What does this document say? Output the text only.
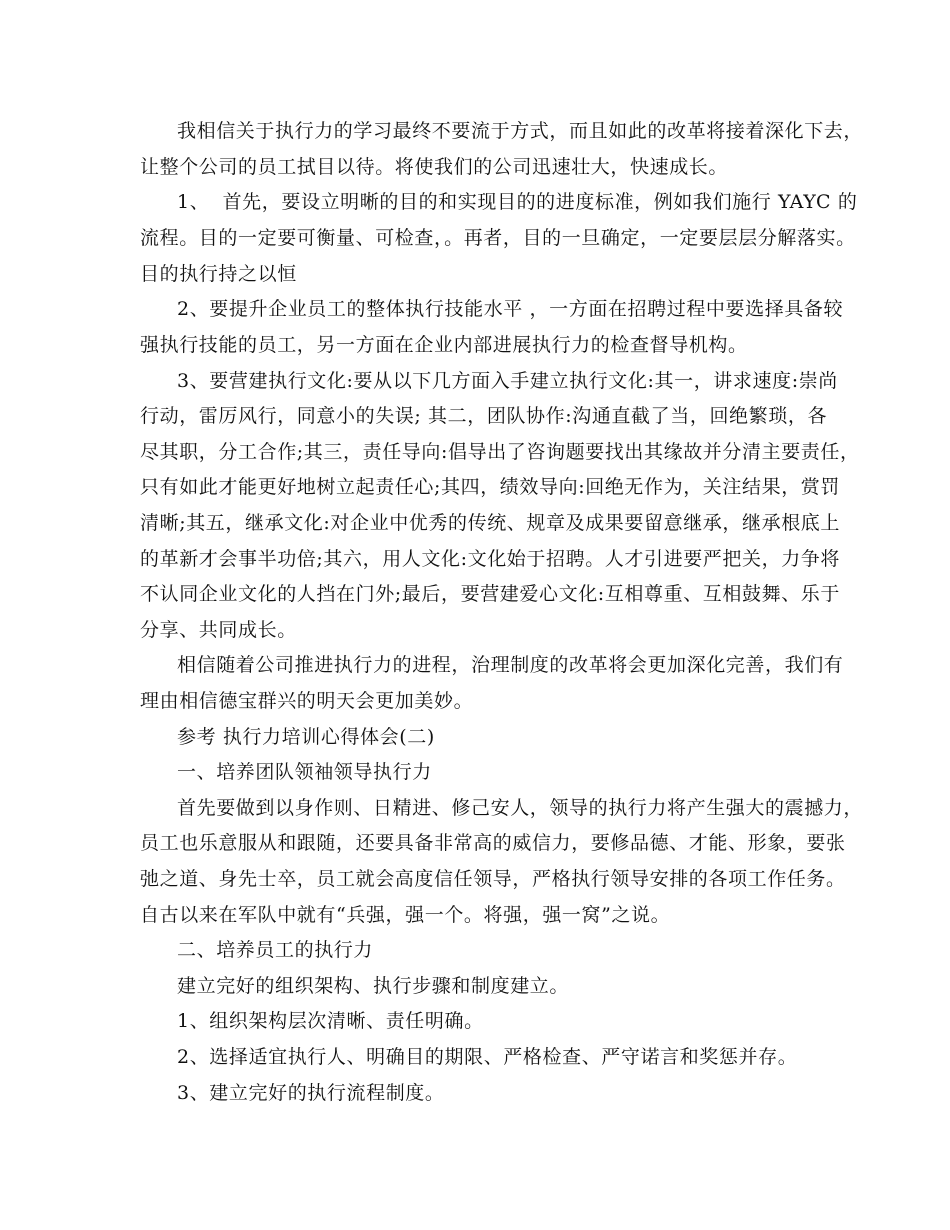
我相信关于执行力的学习最终不要流于方式，而且如此的改革将接着深化下去，
让整个公司的员工拭目以待。将使我们的公司迅速壮大，快速成长。
1、  首先，要设立明晰的目的和实现目的的进度标准，例如我们施行 YAYC 的
流程。目的一定要可衡量、可检查，。再者，目的一旦确定，一定要层层分解落实。
目的执行持之以恒
2、要提升企业员工的整体执行技能水平 ，一方面在招聘过程中要选择具备较
强执行技能的员工，另一方面在企业内部进展执行力的检查督导机构。
3、要营建执行文化:要从以下几方面入手建立执行文化:其一，讲求速度:崇尚
行动，雷厉风行，同意小的失误; 其二，团队协作:沟通直截了当，回绝繁琐，各
尽其职，分工合作;其三，责任导向:倡导出了咨询题要找出其缘故并分清主要责任，
只有如此才能更好地树立起责任心;其四，绩效导向:回绝无作为，关注结果，赏罚
清晰;其五，继承文化:对企业中优秀的传统、规章及成果要留意继承，继承根底上
的革新才会事半功倍;其六，用人文化:文化始于招聘。人才引进要严把关，力争将
不认同企业文化的人挡在门外;最后，要营建爱心文化:互相尊重、互相鼓舞、乐于
分享、共同成长。
相信随着公司推进执行力的进程，治理制度的改革将会更加深化完善，我们有
理由相信德宝群兴的明天会更加美妙。
参考 执行力培训心得体会(二)
一、培养团队领袖领导执行力
首先要做到以身作则、日精进、修己安人，领导的执行力将产生强大的震撼力，
员工也乐意服从和跟随，还要具备非常高的威信力，要修品德、才能、形象，要张
弛之道、身先士卒，员工就会高度信任领导，严格执行领导安排的各项工作任务。
自古以来在军队中就有“兵强，强一个。将强，强一窝”之说。
二、培养员工的执行力
建立完好的组织架构、执行步骤和制度建立。
1、组织架构层次清晰、责任明确。
2、选择适宜执行人、明确目的期限、严格检查、严守诺言和奖惩并存。
3、建立完好的执行流程制度。
